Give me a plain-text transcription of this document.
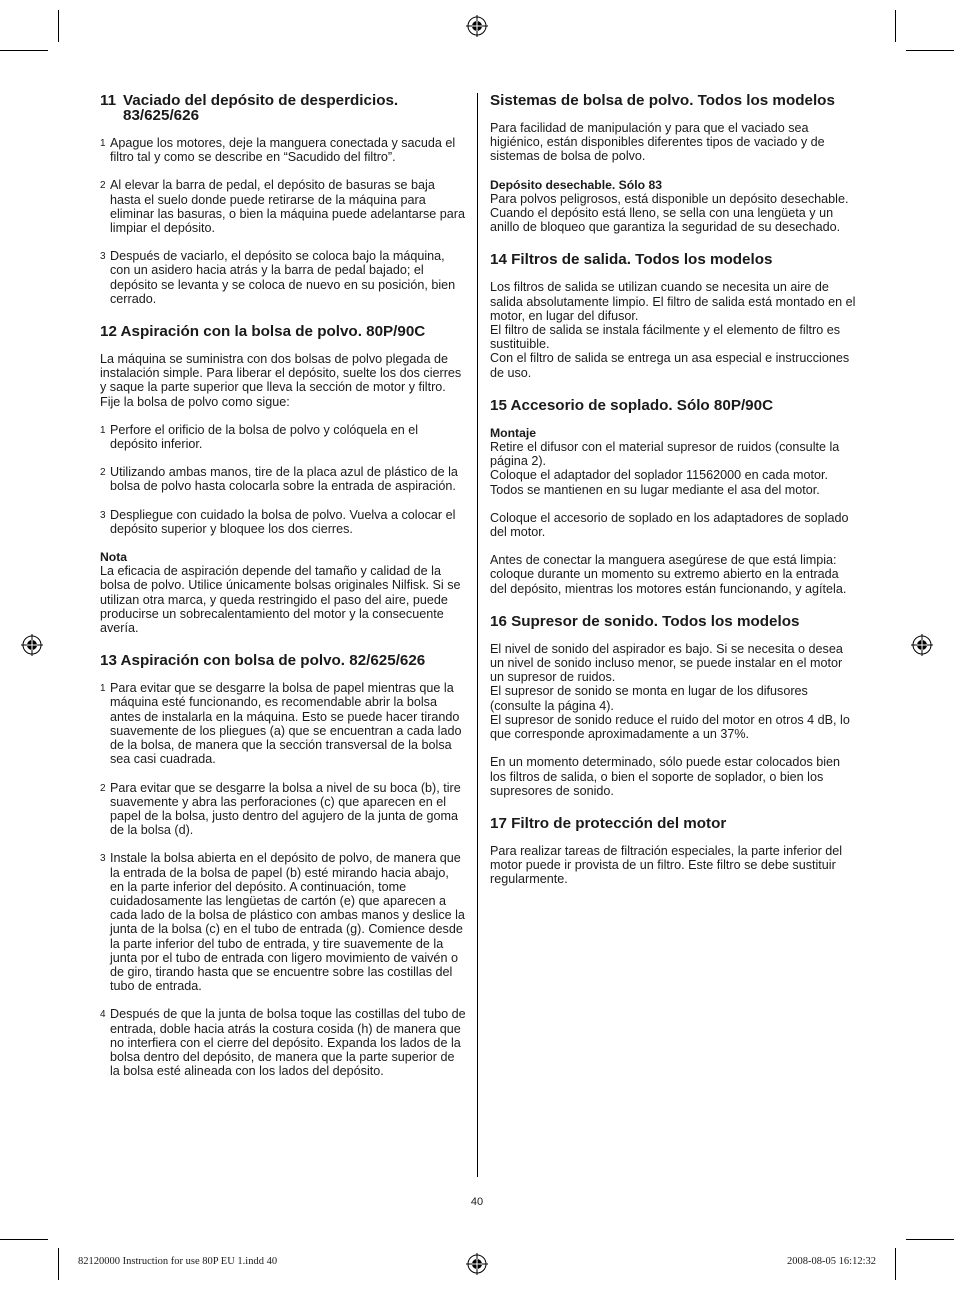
11 Vaciado del depósito de desperdicios. 83/625/626
1 Apague los motores, deje la manguera conectada y sacuda el filtro tal y como se describe en “Sacudido del filtro”.
2 Al elevar la barra de pedal, el depósito de basuras se baja hasta el suelo donde puede retirarse de la máquina para eliminar las basuras, o bien la máquina puede adelantarse para limpiar el depósito.
3 Después de vaciarlo, el depósito se coloca bajo la máquina, con un asidero hacia atrás y la barra de pedal bajado; el depósito se levanta y se coloca de nuevo en su posición, bien cerrado.
12 Aspiración con la bolsa de polvo. 80P/90C

La máquina se suministra con dos bolsas de polvo plegada de instalación simple. Para liberar el depósito, suelte los dos cierres y saque la parte superior que lleva la sección de motor y filtro.
Fije la bolsa de polvo como sigue:

1 Perfore el orificio de la bolsa de polvo y colóquela en el depósito inferior.
2 Utilizando ambas manos, tire de la placa azul de plástico de la bolsa de polvo hasta colocarla sobre la entrada de aspiración.
3 Despliegue con cuidado la bolsa de polvo. Vuelva a colocar el depósito superior y bloquee los dos cierres.

Nota
La eficacia de aspiración depende del tamaño y calidad de la bolsa de polvo. Utilice únicamente bolsas originales Nilfisk. Si se utilizan otra marca, y queda restringido el paso del aire, puede producirse un sobrecalentamiento del motor y la consecuente avería.

13 Aspiración con bolsa de polvo. 82/625/626
1 Para evitar que se desgarre la bolsa de papel mientras que la máquina esté funcionando, es recomendable abrir la bolsa antes de instalarla en la máquina. Esto se puede hacer tirando suavemente de los pliegues (a) que se encuentran a cada lado de la bolsa, de manera que la sección transversal de la bolsa sea casi cuadrada.
2 Para evitar que se desgarre la bolsa a nivel de su boca (b), tire suavemente y abra las perforaciones (c) que aparecen en el papel de la bolsa, justo dentro del agujero de la junta de goma de la bolsa (d).
3 Instale la bolsa abierta en el depósito de polvo, de manera que la entrada de la bolsa de papel (b) esté mirando hacia abajo, en la parte inferior del depósito. A continuación, tome cuidadosamente las lengüetas de cartón (e) que aparecen a cada lado de la bolsa de plástico con ambas manos y deslice la junta de la bolsa (c) en el tubo de entrada (g). Comience desde la parte inferior del tubo de entrada, y tire suavemente de la junta por el tubo de entrada con ligero movimiento de vaivén o de giro, tirando hasta que se encuentre sobre las costillas del tubo de entrada.
4 Después de que la junta de bolsa toque las costillas del tubo de entrada, doble hacia atrás la costura cosida (h) de manera que no interfiera con el cierre del depósito. Expanda los lados de la bolsa dentro del depósito, de manera que la parte superior de la bolsa esté alineada con los lados del depósito.
Sistemas de bolsa de polvo. Todos los modelos

Para facilidad de manipulación y para que el vaciado sea higiénico, están disponibles diferentes tipos de vaciado y de sistemas de bolsa de polvo.

Depósito desechable. Sólo 83
Para polvos peligrosos, está disponible un depósito desechable. Cuando el depósito está lleno, se sella con una lengüeta y un anillo de bloqueo que garantiza la seguridad de su desechado.

14 Filtros de salida. Todos los modelos

Los filtros de salida se utilizan cuando se necesita un aire de salida absolutamente limpio. El filtro de salida está montado en el motor, en lugar del difusor.
El filtro de salida se instala fácilmente y el elemento de filtro es sustituible.
Con el filtro de salida se entrega un asa especial e instrucciones de uso.

15 Accesorio de soplado. Sólo 80P/90C

Montaje
Retire el difusor con el material supresor de ruidos (consulte la página 2).
Coloque el adaptador del soplador 11562000 en cada motor. Todos se mantienen en su lugar mediante el asa del motor.

Coloque el accesorio de soplado en los adaptadores de soplado del motor.

Antes de conectar la manguera asegúrese de que está limpia: coloque durante un momento su extremo abierto en la entrada del depósito, mientras los motores están funcionando, y agítela.

16 Supresor de sonido. Todos los modelos

El nivel de sonido del aspirador es bajo. Si se necesita o desea un nivel de sonido incluso menor, se puede instalar en el motor un supresor de ruidos.
El supresor de sonido se monta en lugar de los difusores (consulte la página 4).
El supresor de sonido reduce el ruido del motor en otros 4 dB, lo que corresponde aproximadamente a un 37%.

En un momento determinado, sólo puede estar colocados bien los filtros de salida, o bien el soporte de soplador, o bien los supresores de sonido.

17 Filtro de protección del motor

Para realizar tareas de filtración especiales, la parte inferior del motor puede ir provista de un filtro. Este filtro se debe sustituir regularmente.

40
82120000 Instruction for use 80P EU 1.indd 40	2008-08-05 16:12:32
